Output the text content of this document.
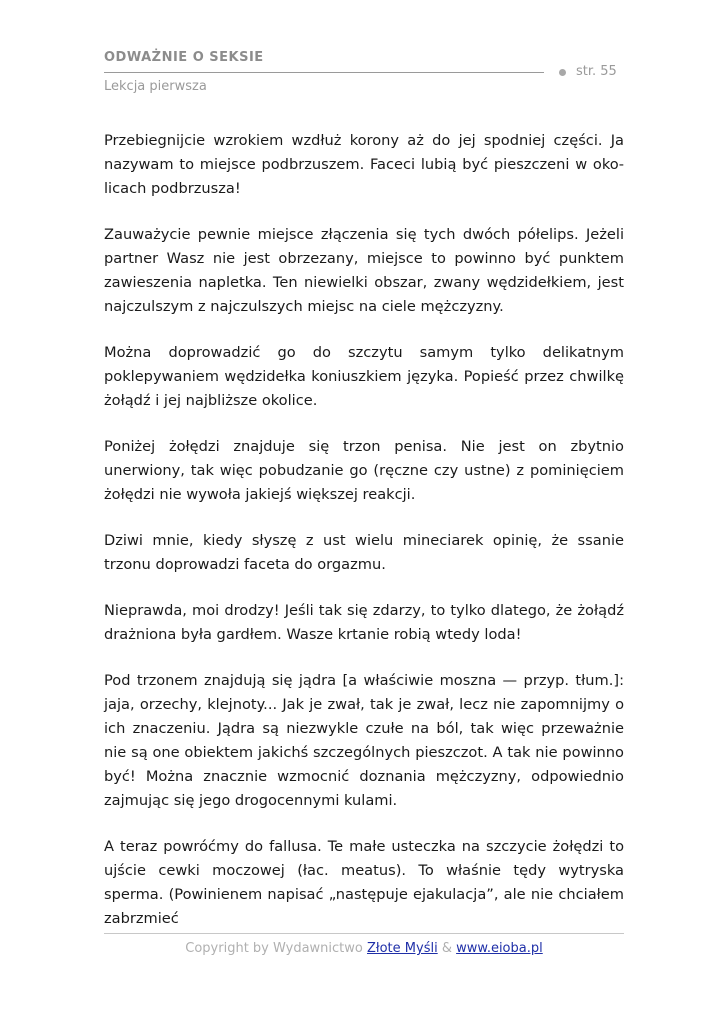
ODWAŻNIE O SEKSIE
str. 55
Lekcja pierwsza

Przebiegnijcie wzrokiem wzdłuż korony aż do jej spodniej części. Ja nazywam to miejsce podbrzuszem. Faceci lubią być pieszczeni w okolicach podbrzusza!

Zauważycie pewnie miejsce złączenia się tych dwóch półelips. Jeżeli partner Wasz nie jest obrzezany, miejsce to powinno być punktem zawieszenia napletka. Ten niewielki obszar, zwany wędzidełkiem, jest najczulszym z najczulszych miejsc na ciele mężczyzny.

Można doprowadzić go do szczytu samym tylko delikatnym poklepywaniem wędzidełka koniuszkiem języka. Popieść przez chwilkę żołądź i jej najbliższe okolice.

Poniżej żołędzi znajduje się trzon penisa. Nie jest on zbytnio unerwiony, tak więc pobudzanie go (ręczne czy ustne) z pominięciem żołędzi nie wywoła jakiejś większej reakcji.

Dziwi mnie, kiedy słyszę z ust wielu mineciarek opinię, że ssanie trzonu doprowadzi faceta do orgazmu.

Nieprawda, moi drodzy! Jeśli tak się zdarzy, to tylko dlatego, że żołądź drażniona była gardłem. Wasze krtanie robią wtedy loda!

Pod trzonem znajdują się jądra [a właściwie moszna — przyp. tłum.]: jaja, orzechy, klejnoty... Jak je zwał, tak je zwał, lecz nie zapomnijmy o ich znaczeniu. Jądra są niezwykle czułe na ból, tak więc przeważnie nie są one obiektem jakichś szczególnych pieszczot. A tak nie powinno być! Można znacznie wzmocnić doznania mężczyzny, odpowiednio zajmując się jego drogocennymi kulami.

A teraz powróćmy do fallusa. Te małe usteczka na szczycie żołędzi to ujście cewki moczowej (łac. meatus). To właśnie tędy wytryska sperma. (Powinienem napisać „następuje ejakulacja”, ale nie chciałem zabrzmieć

Copyright by Wydawnictwo Złote Myśli & www.eioba.pl
